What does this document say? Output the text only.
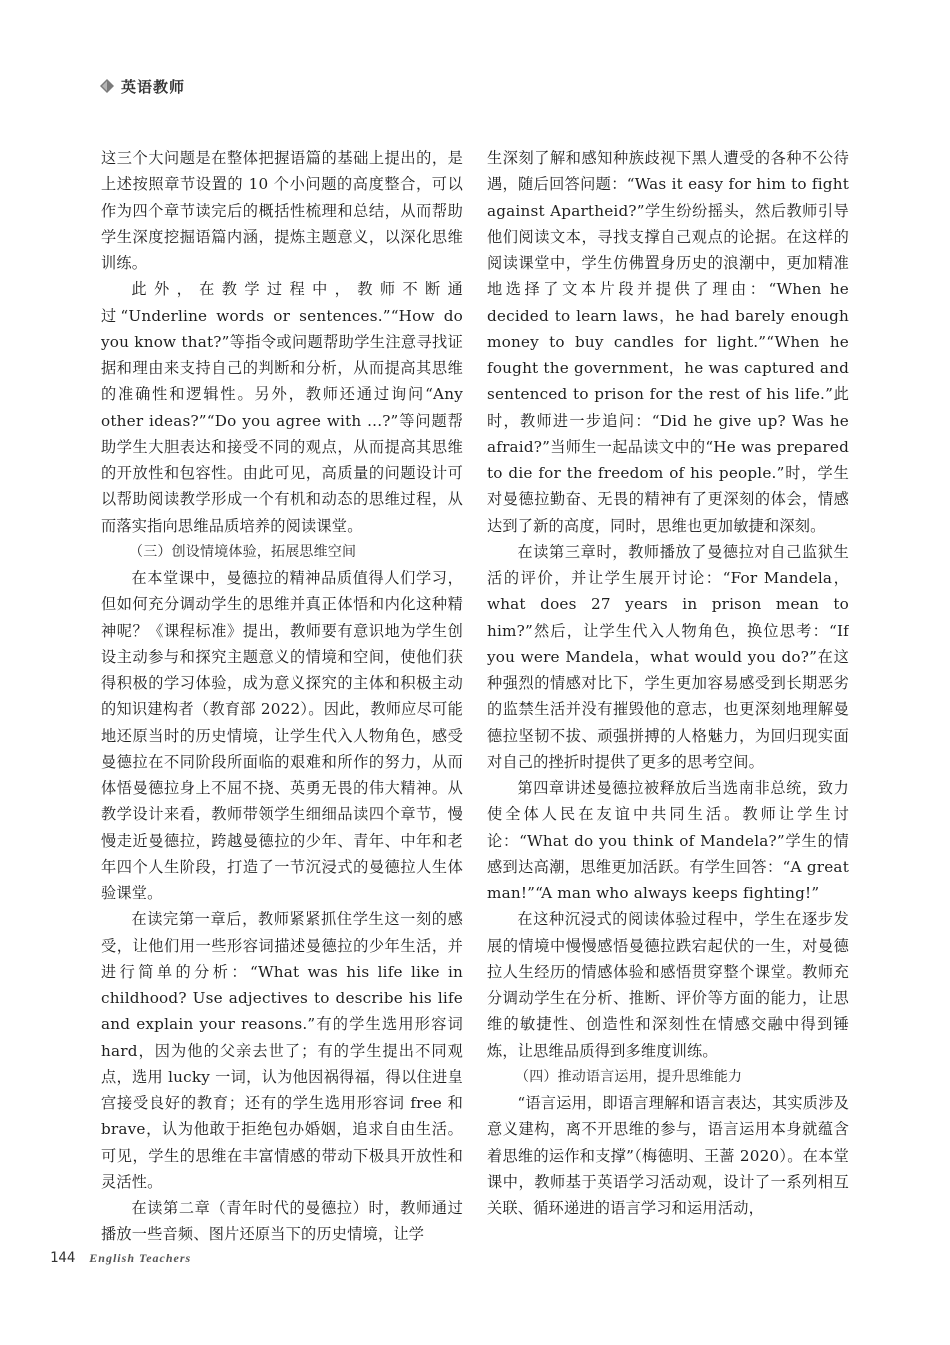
英语教师

这三个大问题是在整体把握语篇的基础上提出的，是上述按照章节设置的 10 个小问题的高度整合，可以作为四个章节读完后的概括性梳理和总结，从而帮助学生深度挖掘语篇内涵，提炼主题意义，以深化思维训练。

此外，在教学过程中，教师不断通过“Underline words or sentences.”“How do you know that?”等指令或问题帮助学生注意寻找证据和理由来支持自己的判断和分析，从而提高其思维的准确性和逻辑性。另外，教师还通过询问“Any other ideas?”“Do you agree with ...?”等问题帮助学生大胆表达和接受不同的观点，从而提高其思维的开放性和包容性。由此可见，高质量的问题设计可以帮助阅读教学形成一个有机和动态的思维过程，从而落实指向思维品质培养的阅读课堂。

（三）创设情境体验，拓展思维空间

在本堂课中，曼德拉的精神品质值得人们学习，但如何充分调动学生的思维并真正体悟和内化这种精神呢？《课程标准》提出，教师要有意识地为学生创设主动参与和探究主题意义的情境和空间，使他们获得积极的学习体验，成为意义探究的主体和积极主动的知识建构者（教育部 2022）。因此，教师应尽可能地还原当时的历史情境，让学生代入人物角色，感受曼德拉在不同阶段所面临的艰难和所作的努力，从而体悟曼德拉身上不屈不挠、英勇无畏的伟大精神。从教学设计来看，教师带领学生细细品读四个章节，慢慢走近曼德拉，跨越曼德拉的少年、青年、中年和老年四个人生阶段，打造了一节沉浸式的曼德拉人生体验课堂。

在读完第一章后，教师紧紧抓住学生这一刻的感受，让他们用一些形容词描述曼德拉的少年生活，并进行简单的分析：“What was his life like in childhood? Use adjectives to describe his life and explain your reasons.”有的学生选用形容词 hard，因为他的父亲去世了；有的学生提出不同观点，选用 lucky 一词，认为他因祸得福，得以住进皇宫接受良好的教育；还有的学生选用形容词 free 和 brave，认为他敢于拒绝包办婚姻，追求自由生活。可见，学生的思维在丰富情感的带动下极具开放性和灵活性。

在读第二章（青年时代的曼德拉）时，教师通过播放一些音频、图片还原当下的历史情境，让学

生深刻了解和感知种族歧视下黑人遭受的各种不公待遇，随后回答问题：“Was it easy for him to fight against Apartheid?”学生纷纷摇头，然后教师引导他们阅读文本，寻找支撑自己观点的论据。在这样的阅读课堂中，学生仿佛置身历史的浪潮中，更加精准地选择了文本片段并提供了理由：“When he decided to learn laws，he had barely enough money to buy candles for light.”“When he fought the government，he was captured and sentenced to prison for the rest of his life.”此时，教师进一步追问：“Did he give up? Was he afraid?”当师生一起品读文中的“He was prepared to die for the freedom of his people.”时，学生对曼德拉勤奋、无畏的精神有了更深刻的体会，情感达到了新的高度，同时，思维也更加敏捷和深刻。

在读第三章时，教师播放了曼德拉对自己监狱生活的评价，并让学生展开讨论：“For Mandela，what does 27 years in prison mean to him?”然后，让学生代入人物角色，换位思考：“If you were Mandela，what would you do?”在这种强烈的情感对比下，学生更加容易感受到长期恶劣的监禁生活并没有摧毁他的意志，也更深刻地理解曼德拉坚韧不拔、顽强拼搏的人格魅力，为回归现实面对自己的挫折时提供了更多的思考空间。

第四章讲述曼德拉被释放后当选南非总统，致力使全体人民在友谊中共同生活。教师让学生讨论：“What do you think of Mandela?”学生的情感到达高潮，思维更加活跃。有学生回答：“A great man!”“A man who always keeps fighting!”

在这种沉浸式的阅读体验过程中，学生在逐步发展的情境中慢慢感悟曼德拉跌宕起伏的一生，对曼德拉人生经历的情感体验和感悟贯穿整个课堂。教师充分调动学生在分析、推断、评价等方面的能力，让思维的敏捷性、创造性和深刻性在情感交融中得到锤炼，让思维品质得到多维度训练。

（四）推动语言运用，提升思维能力

“语言运用，即语言理解和语言表达，其实质涉及意义建构，离不开思维的参与，语言运用本身就蕴含着思维的运作和支撑”（梅德明、王蔷 2020）。在本堂课中，教师基于英语学习活动观，设计了一系列相互关联、循环递进的语言学习和运用活动，

144 English Teachers
